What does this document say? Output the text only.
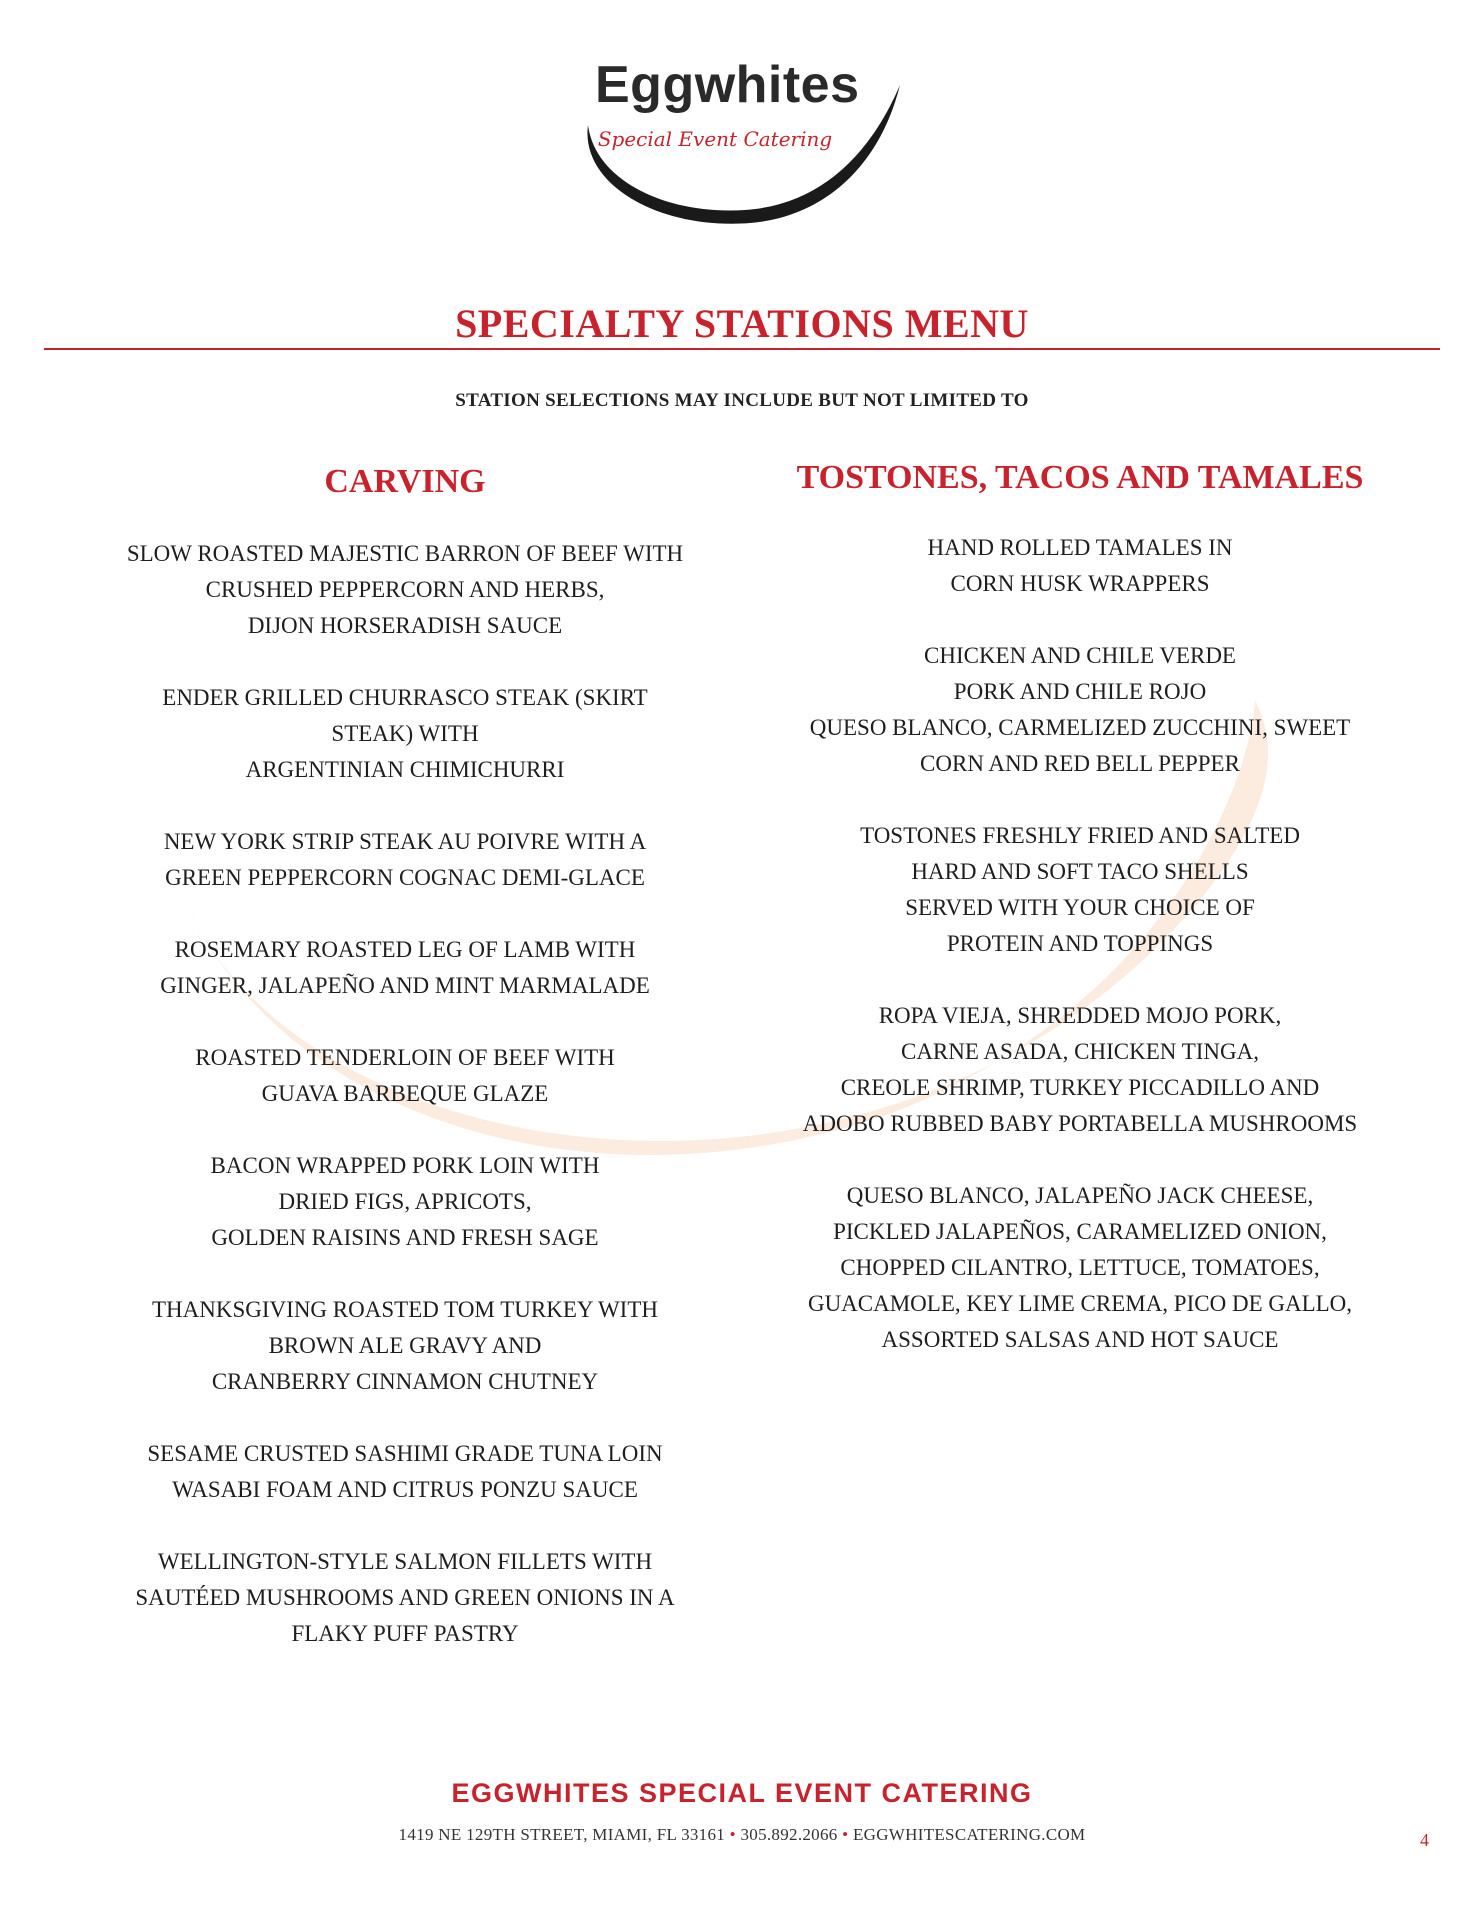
Eggwhites
Special Event Catering
SPECIALTY STATIONS MENU
STATION SELECTIONS MAY INCLUDE BUT NOT LIMITED TO
CARVING
SLOW ROASTED MAJESTIC BARRON OF BEEF WITH
CRUSHED PEPPERCORN AND HERBS,
DIJON HORSERADISH SAUCE
ENDER GRILLED CHURRASCO STEAK (SKIRT
STEAK) WITH
ARGENTINIAN CHIMICHURRI
NEW YORK STRIP STEAK AU POIVRE WITH A
GREEN PEPPERCORN COGNAC DEMI-GLACE
ROSEMARY ROASTED LEG OF LAMB WITH
GINGER, JALAPEÑO AND MINT MARMALADE
ROASTED TENDERLOIN OF BEEF WITH
GUAVA BARBEQUE GLAZE
BACON WRAPPED PORK LOIN WITH
DRIED FIGS, APRICOTS,
GOLDEN RAISINS AND FRESH SAGE
THANKSGIVING ROASTED TOM TURKEY WITH
BROWN ALE GRAVY AND
CRANBERRY CINNAMON CHUTNEY
SESAME CRUSTED SASHIMI GRADE TUNA LOIN
WASABI FOAM AND CITRUS PONZU SAUCE
WELLINGTON-STYLE SALMON FILLETS WITH
SAUTÉED MUSHROOMS AND GREEN ONIONS IN A
FLAKY PUFF PASTRY
TOSTONES, TACOS AND TAMALES
HAND ROLLED TAMALES IN
CORN HUSK WRAPPERS
CHICKEN AND CHILE VERDE
PORK AND CHILE ROJO
QUESO BLANCO, CARMELIZED ZUCCHINI, SWEET
CORN AND RED BELL PEPPER
TOSTONES FRESHLY FRIED AND SALTED
HARD AND SOFT TACO SHELLS
SERVED WITH YOUR CHOICE OF
PROTEIN AND TOPPINGS
ROPA VIEJA, SHREDDED MOJO PORK,
CARNE ASADA, CHICKEN TINGA,
CREOLE SHRIMP, TURKEY PICCADILLO AND
ADOBO RUBBED BABY PORTABELLA MUSHROOMS
QUESO BLANCO, JALAPEÑO JACK CHEESE,
PICKLED JALAPEÑOS, CARAMELIZED ONION,
CHOPPED CILANTRO, LETTUCE, TOMATOES,
GUACAMOLE, KEY LIME CREMA, PICO DE GALLO,
ASSORTED SALSAS AND HOT SAUCE
EGGWHITES SPECIAL EVENT CATERING
1419 NE 129TH STREET, MIAMI, FL 33161 • 305.892.2066 • EGGWHITESCATERING.COM	4
